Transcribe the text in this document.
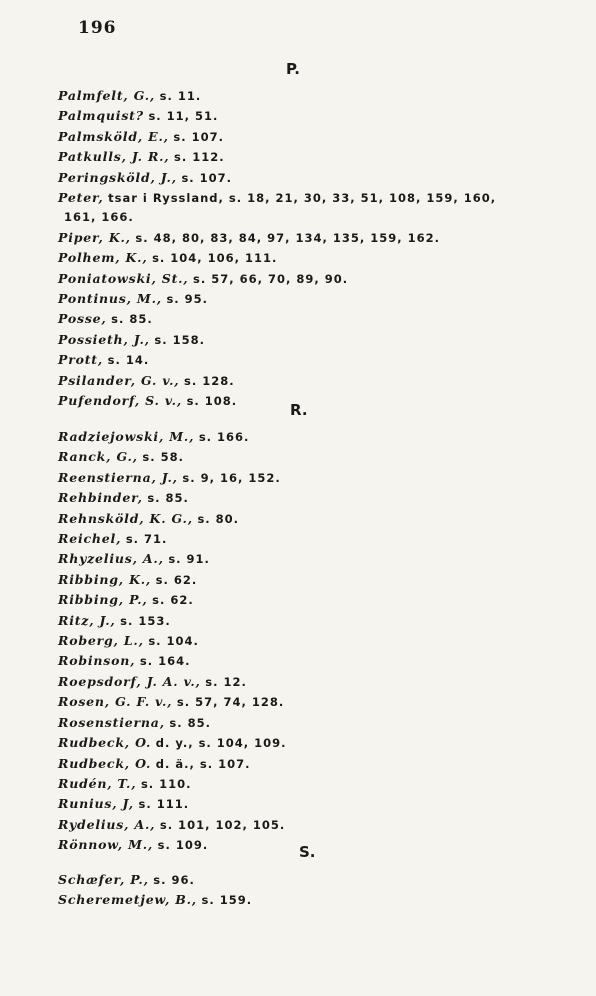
196
P.
Palmfelt, G., s. 11.
Palmquist? s. 11, 51.
Palmsköld, E., s. 107.
Patkulls, J. R., s. 112.
Peringsköld, J., s. 107.
Peter, tsar i Ryssland, s. 18, 21, 30, 33, 51, 108, 159, 160,
161, 166.
Piper, K., s. 48, 80, 83, 84, 97, 134, 135, 159, 162.
Polhem, K., s. 104, 106, 111.
Poniatowski, St., s. 57, 66, 70, 89, 90.
Pontinus, M., s. 95.
Posse, s. 85.
Possieth, J., s. 158.
Prott, s. 14.
Psilander, G. v., s. 128.
Pufendorf, S. v., s. 108.	R.
Radziejowski, M., s. 166.
Ranck, G., s. 58.
Reenstierna, J., s. 9, 16, 152.
Rehbinder, s. 85.
Rehnsköld, K. G., s. 80.
Reichel, s. 71.
Rhyzelius, A., s. 91.
Ribbing, K., s. 62.
Ribbing, P., s. 62.
Ritz, J., s. 153.
Roberg, L., s. 104.
Robinson, s. 164.
Roepsdorf, J. A. v., s. 12.
Rosen, G. F. v., s. 57, 74, 128.
Rosenstierna, s. 85.
Rudbeck, O. d. y., s. 104, 109.
Rudbeck, O. d. ä., s. 107.
Rudén, T., s. 110.
Runius, J, s. 111.
Rydelius, A., s. 101, 102, 105.
Rönnow, M., s. 109.	S.
Schæfer, P., s. 96.
Scheremetjew, B., s. 159.
